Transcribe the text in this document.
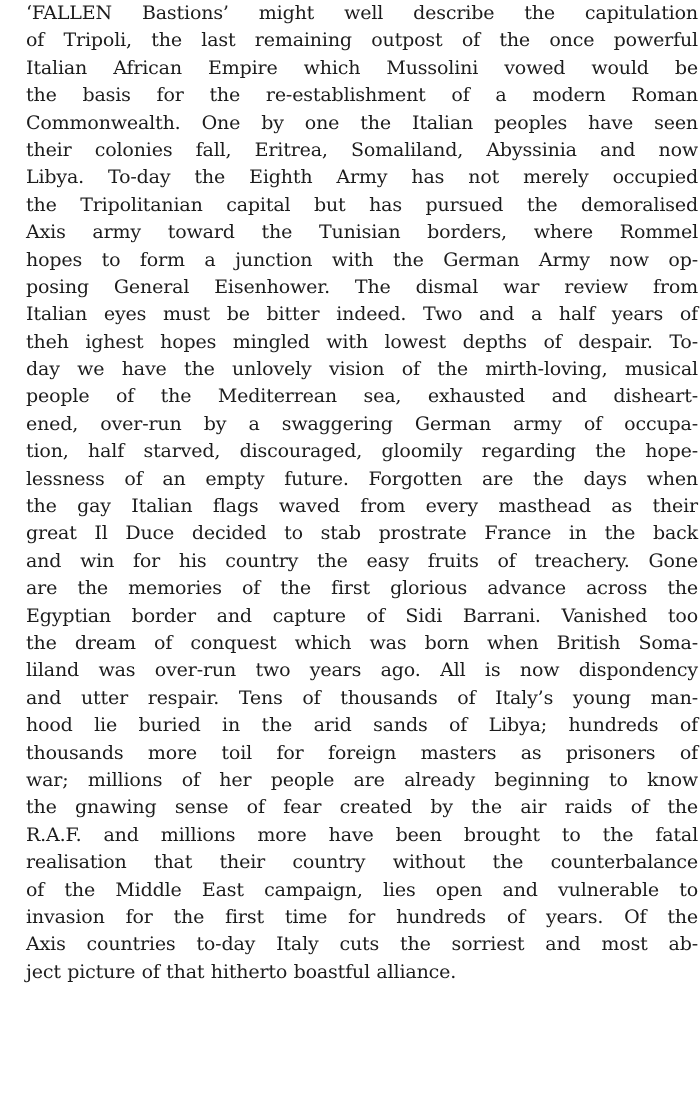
‘FALLEN Bastions’ might well describe the capitulation
of Tripoli, the last remaining outpost of the once powerful
Italian African Empire which Mussolini vowed would be
the basis for the re-establishment of a modern Roman
Commonwealth. One by one the Italian peoples have seen
their colonies fall, Eritrea, Somaliland, Abyssinia and now
Libya. To-day the Eighth Army has not merely occupied
the Tripolitanian capital but has pursued the demoralised
Axis army toward the Tunisian borders, where Rommel
hopes to form a junction with the German Army now op-
posing General Eisenhower. The dismal war review from
Italian eyes must be bitter indeed. Two and a half years of
theh ighest hopes mingled with lowest depths of despair. To-
day we have the unlovely vision of the mirth-loving, musical
people of the Mediterrean sea, exhausted and disheart-
ened, over-run by a swaggering German army of occupa-
tion, half starved, discouraged, gloomily regarding the hope-
lessness of an empty future. Forgotten are the days when
the gay Italian flags waved from every masthead as their
great Il Duce decided to stab prostrate France in the back
and win for his country the easy fruits of treachery. Gone
are the memories of the first glorious advance across the
Egyptian border and capture of Sidi Barrani. Vanished too
the dream of conquest which was born when British Soma-
liland was over-run two years ago. All is now dispondency
and utter respair. Tens of thousands of Italy’s young man-
hood lie buried in the arid sands of Libya; hundreds of
thousands more toil for foreign masters as prisoners of
war; millions of her people are already beginning to know
the gnawing sense of fear created by the air raids of the
R.A.F. and millions more have been brought to the fatal
realisation that their country without the counterbalance
of the Middle East campaign, lies open and vulnerable to
invasion for the first time for hundreds of years. Of the
Axis countries to-day Italy cuts the sorriest and most ab-
ject picture of that hitherto boastful alliance.
